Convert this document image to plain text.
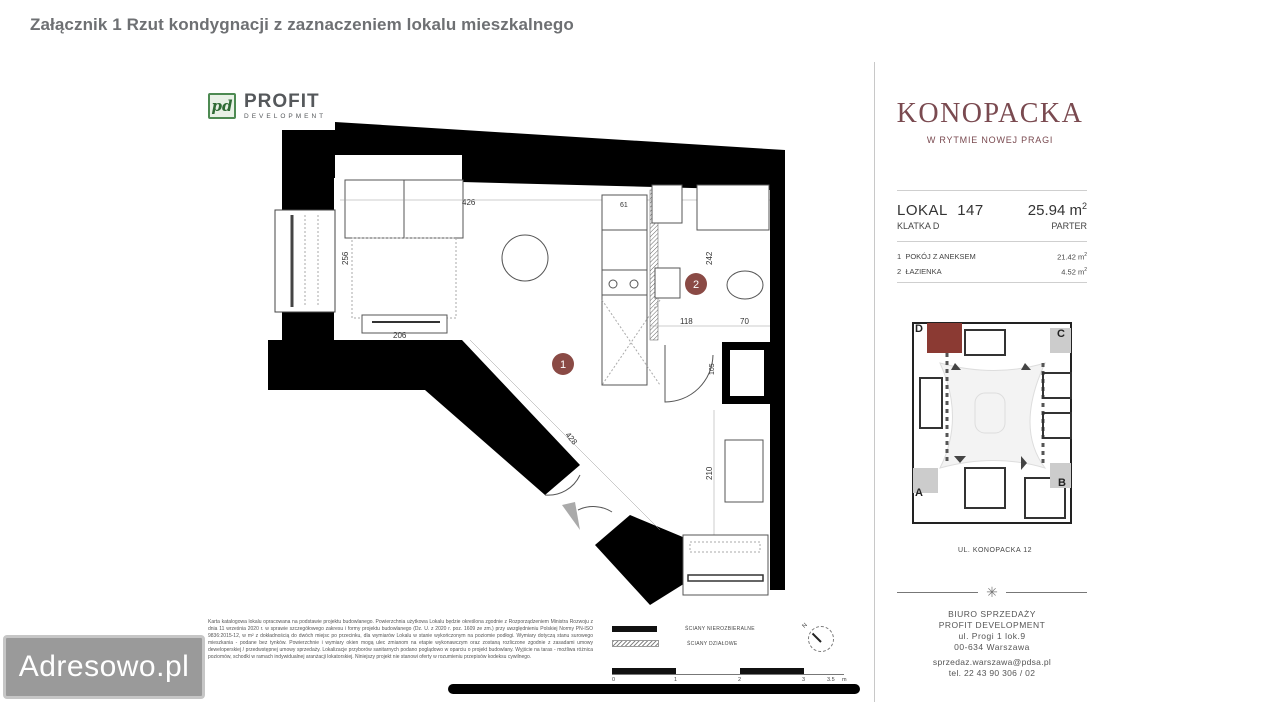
Załącznik 1 Rzut kondygnacji z zaznaczeniem lokalu mieszkalnego
pd PROFIT
DEVELOPMENT
206
426
256
61
242
118	70
105
428
210
1
2
KONOPACKA
W RYTMIE NOWEJ PRAGI
LOKAL 147	25.94 $m^2$
KLATKA D	PARTER
1 POKÓJ Z ANEKSEM	21.42 $m^2$
2 ŁAZIENKA	4.52 $m^2$
D	C
A
B
UL. KONOPACKA 12
✳
BIURO SPRZEDAŻY
PROFIT DEVELOPMENT
ul. Progi 1 lok.9
00-634 Warszawa
sprzedaz.warszawa@pdsa.pl
tel. 22 43 90 306 / 02
Karta katalogowa lokalu opracowana na podstawie projektu budowlanego. Powierzchnia użytkowa Lokalu będzie określona zgodnie z Rozporządzeniem Ministra Rozwoju z dnia 11 września 2020 r. w sprawie szczegółowego zakresu i formy projektu budowlanego (Dz. U. z 2020 r. poz. 1609 ze zm.) przy uwzględnieniu Polskiej Normy PN-ISO 9836:2015-12, w m² z dokładnością do dwóch miejsc po przecinku, dla wymiarów Lokalu w stanie wykończonym na poziomie podłogi. Wymiary dotyczą stanu surowego mieszkania - podane bez tynków. Powierzchnie i wymiary okien mogą ulec zmianom na etapie wykonawczym oraz zostaną rozliczone zgodnie z zasadami umowy deweloperskiej / przedwstępnej umowy sprzedaży. Lokalizacje przyborów sanitarnych podano poglądowo w oparciu o projekt budowlany. Wyjście na taras - możliwa różnica poziomów, schodki w ramach indywidualnej aranżacji lokatorskiej. Niniejszy projekt nie stanowi oferty w rozumieniu przepisów kodeksu cywilnego.
ŚCIANY NIEROZBIERALNE
ŚCIANY DZIAŁOWE
N
0	1	2	3	3.5 m
Adresowo.pl
